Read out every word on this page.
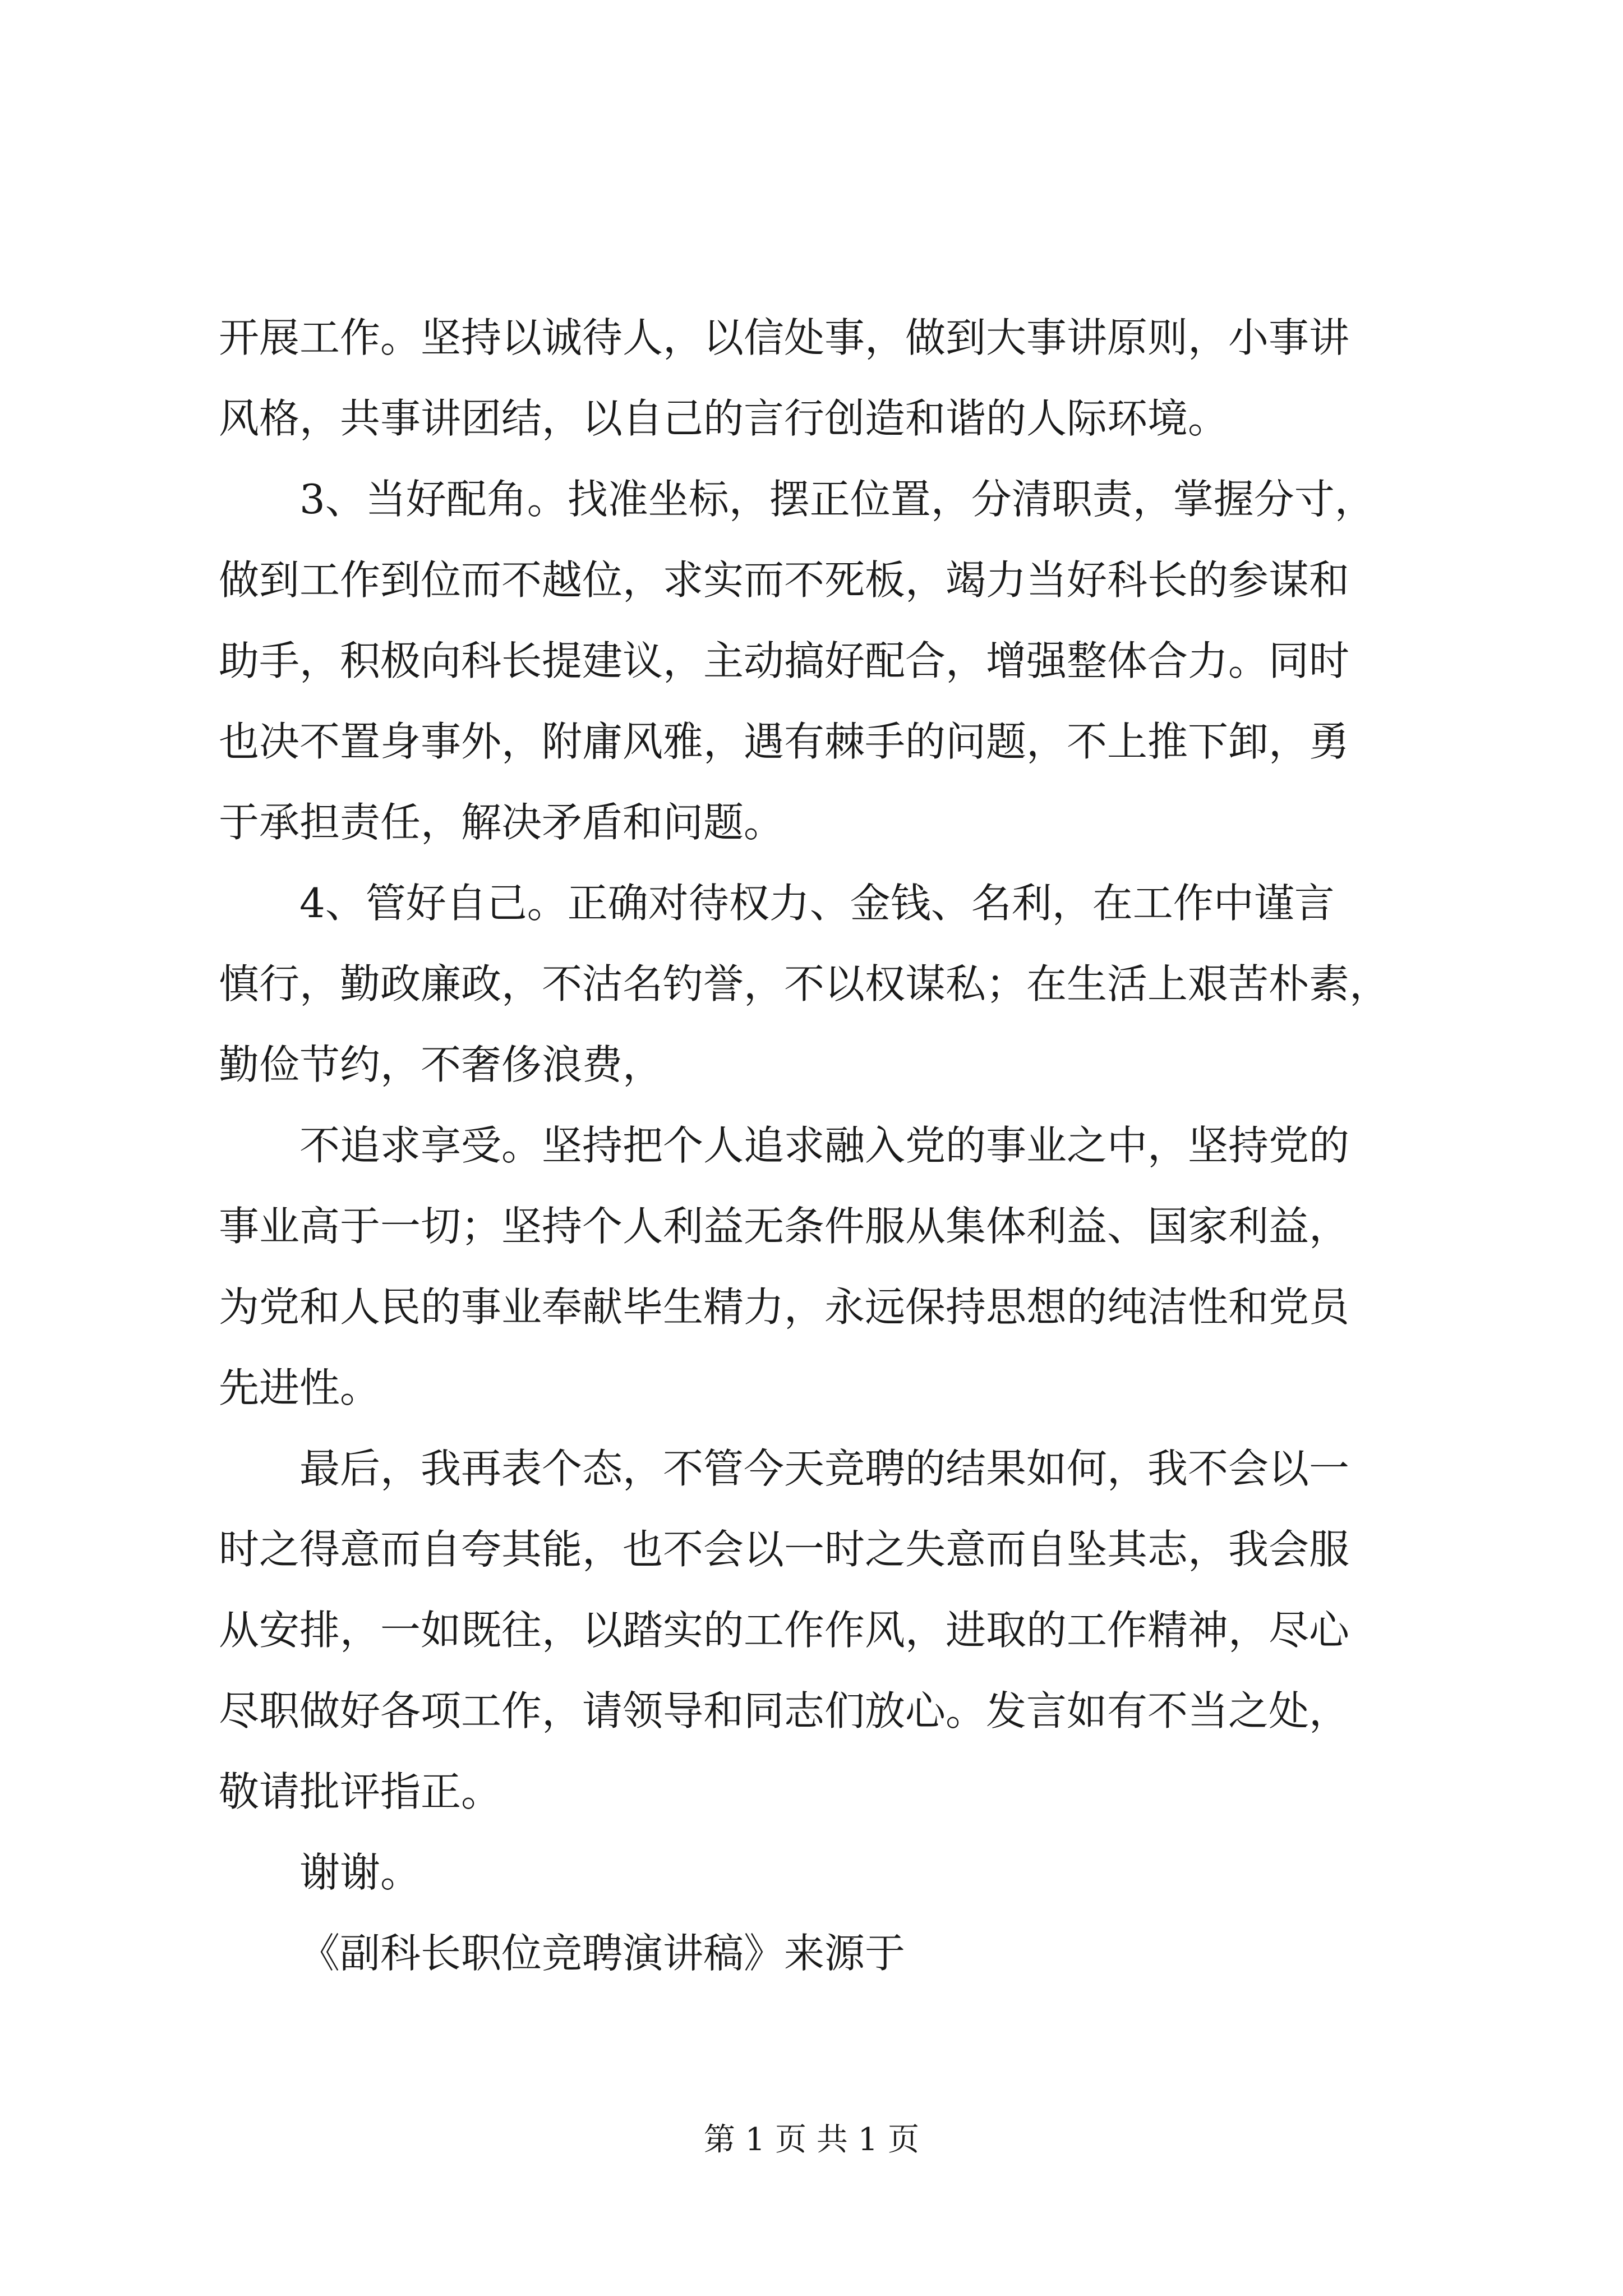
开展工作。坚持以诚待人，以信处事，做到大事讲原则，小事讲
风格，共事讲团结，以自己的言行创造和谐的人际环境。
3、当好配角。找准坐标，摆正位置，分清职责，掌握分寸，
做到工作到位而不越位，求实而不死板，竭力当好科长的参谋和
助手，积极向科长提建议，主动搞好配合，增强整体合力。同时
也决不置身事外，附庸风雅，遇有棘手的问题，不上推下卸，勇
于承担责任，解决矛盾和问题。
4、管好自己。正确对待权力、金钱、名利，在工作中谨言
慎行，勤政廉政，不沽名钓誉，不以权谋私；在生活上艰苦朴素，
勤俭节约，不奢侈浪费，
不追求享受。坚持把个人追求融入党的事业之中，坚持党的
事业高于一切；坚持个人利益无条件服从集体利益、国家利益，
为党和人民的事业奉献毕生精力，永远保持思想的纯洁性和党员
先进性。
最后，我再表个态，不管今天竞聘的结果如何，我不会以一
时之得意而自夸其能，也不会以一时之失意而自坠其志，我会服
从安排，一如既往，以踏实的工作作风，进取的工作精神，尽心
尽职做好各项工作，请领导和同志们放心。发言如有不当之处，
敬请批评指正。
谢谢。
《副科长职位竞聘演讲稿》来源于
第 1 页 共 1 页
